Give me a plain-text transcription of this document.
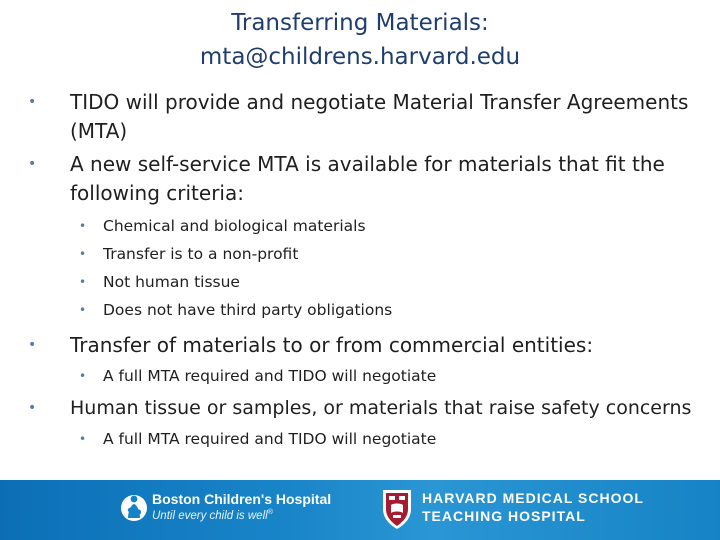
Transferring Materials:
mta@childrens.harvard.edu
• TIDO will provide and negotiate Material Transfer Agreements
(MTA)
• A new self-service MTA is available for materials that fit the
following criteria:
• Chemical and biological materials
• Transfer is to a non-profit
• Not human tissue
• Does not have third party obligations
• Transfer of materials to or from commercial entities:
• A full MTA required and TIDO will negotiate
• Human tissue or samples, or materials that raise safety concerns
• A full MTA required and TIDO will negotiate
Boston Children's Hospital
Until every child is well®
HARVARD MEDICAL SCHOOL
TEACHING HOSPITAL
